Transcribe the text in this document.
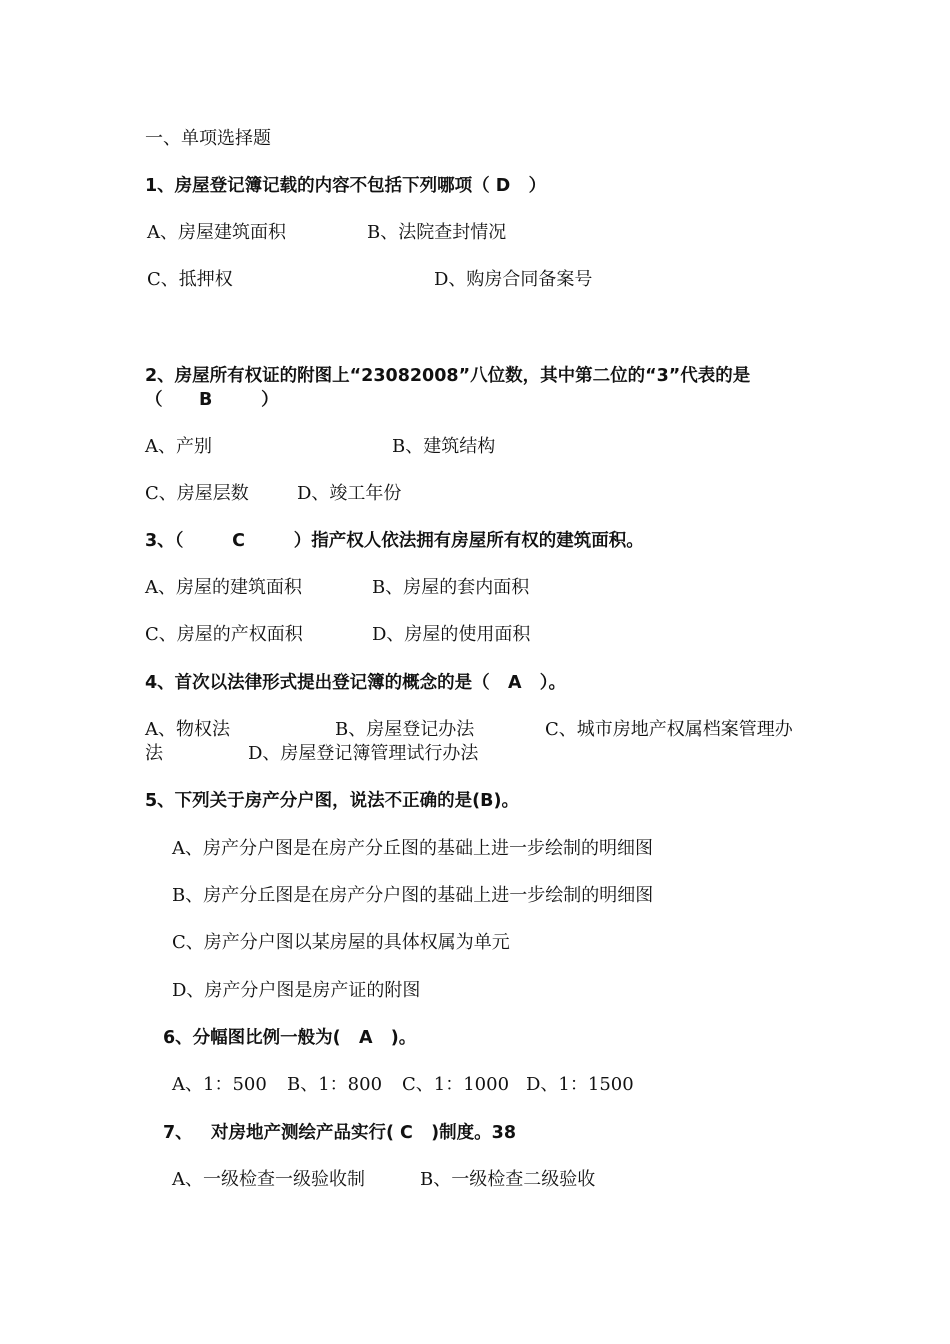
一、单项选择题
1、房屋登记簿记载的内容不包括下列哪项（ D   ）
A、房屋建筑面积	B、法院查封情况
C、抵押权	D、购房合同备案号
2、房屋所有权证的附图上“23082008”八位数，其中第二位的“3”代表的是
（      B        ）
A、产别	B、建筑结构
C、房屋层数	D、竣工年份
3、（        C        ）指产权人依法拥有房屋所有权的建筑面积。
A、房屋的建筑面积	B、房屋的套内面积
C、房屋的产权面积	D、房屋的使用面积
4、首次以法律形式提出登记簿的概念的是（   A   ）。
A、物权法	B、房屋登记办法	C、城市房地产权属档案管理办
法	D、房屋登记簿管理试行办法
5、下列关于房产分户图，说法不正确的是(B)。
A、房产分户图是在房产分丘图的基础上进一步绘制的明细图
B、房产分丘图是在房产分户图的基础上进一步绘制的明细图
C、房产分户图以某房屋的具体权属为单元
D、房产分户图是房产证的附图
6、分幅图比例一般为(   A   )。
A、1：500 B、1：800 C、1：1000 D、1：1500
7、   对房地产测绘产品实行( C   )制度。38
A、一级检查一级验收制	B、一级检查二级验收
